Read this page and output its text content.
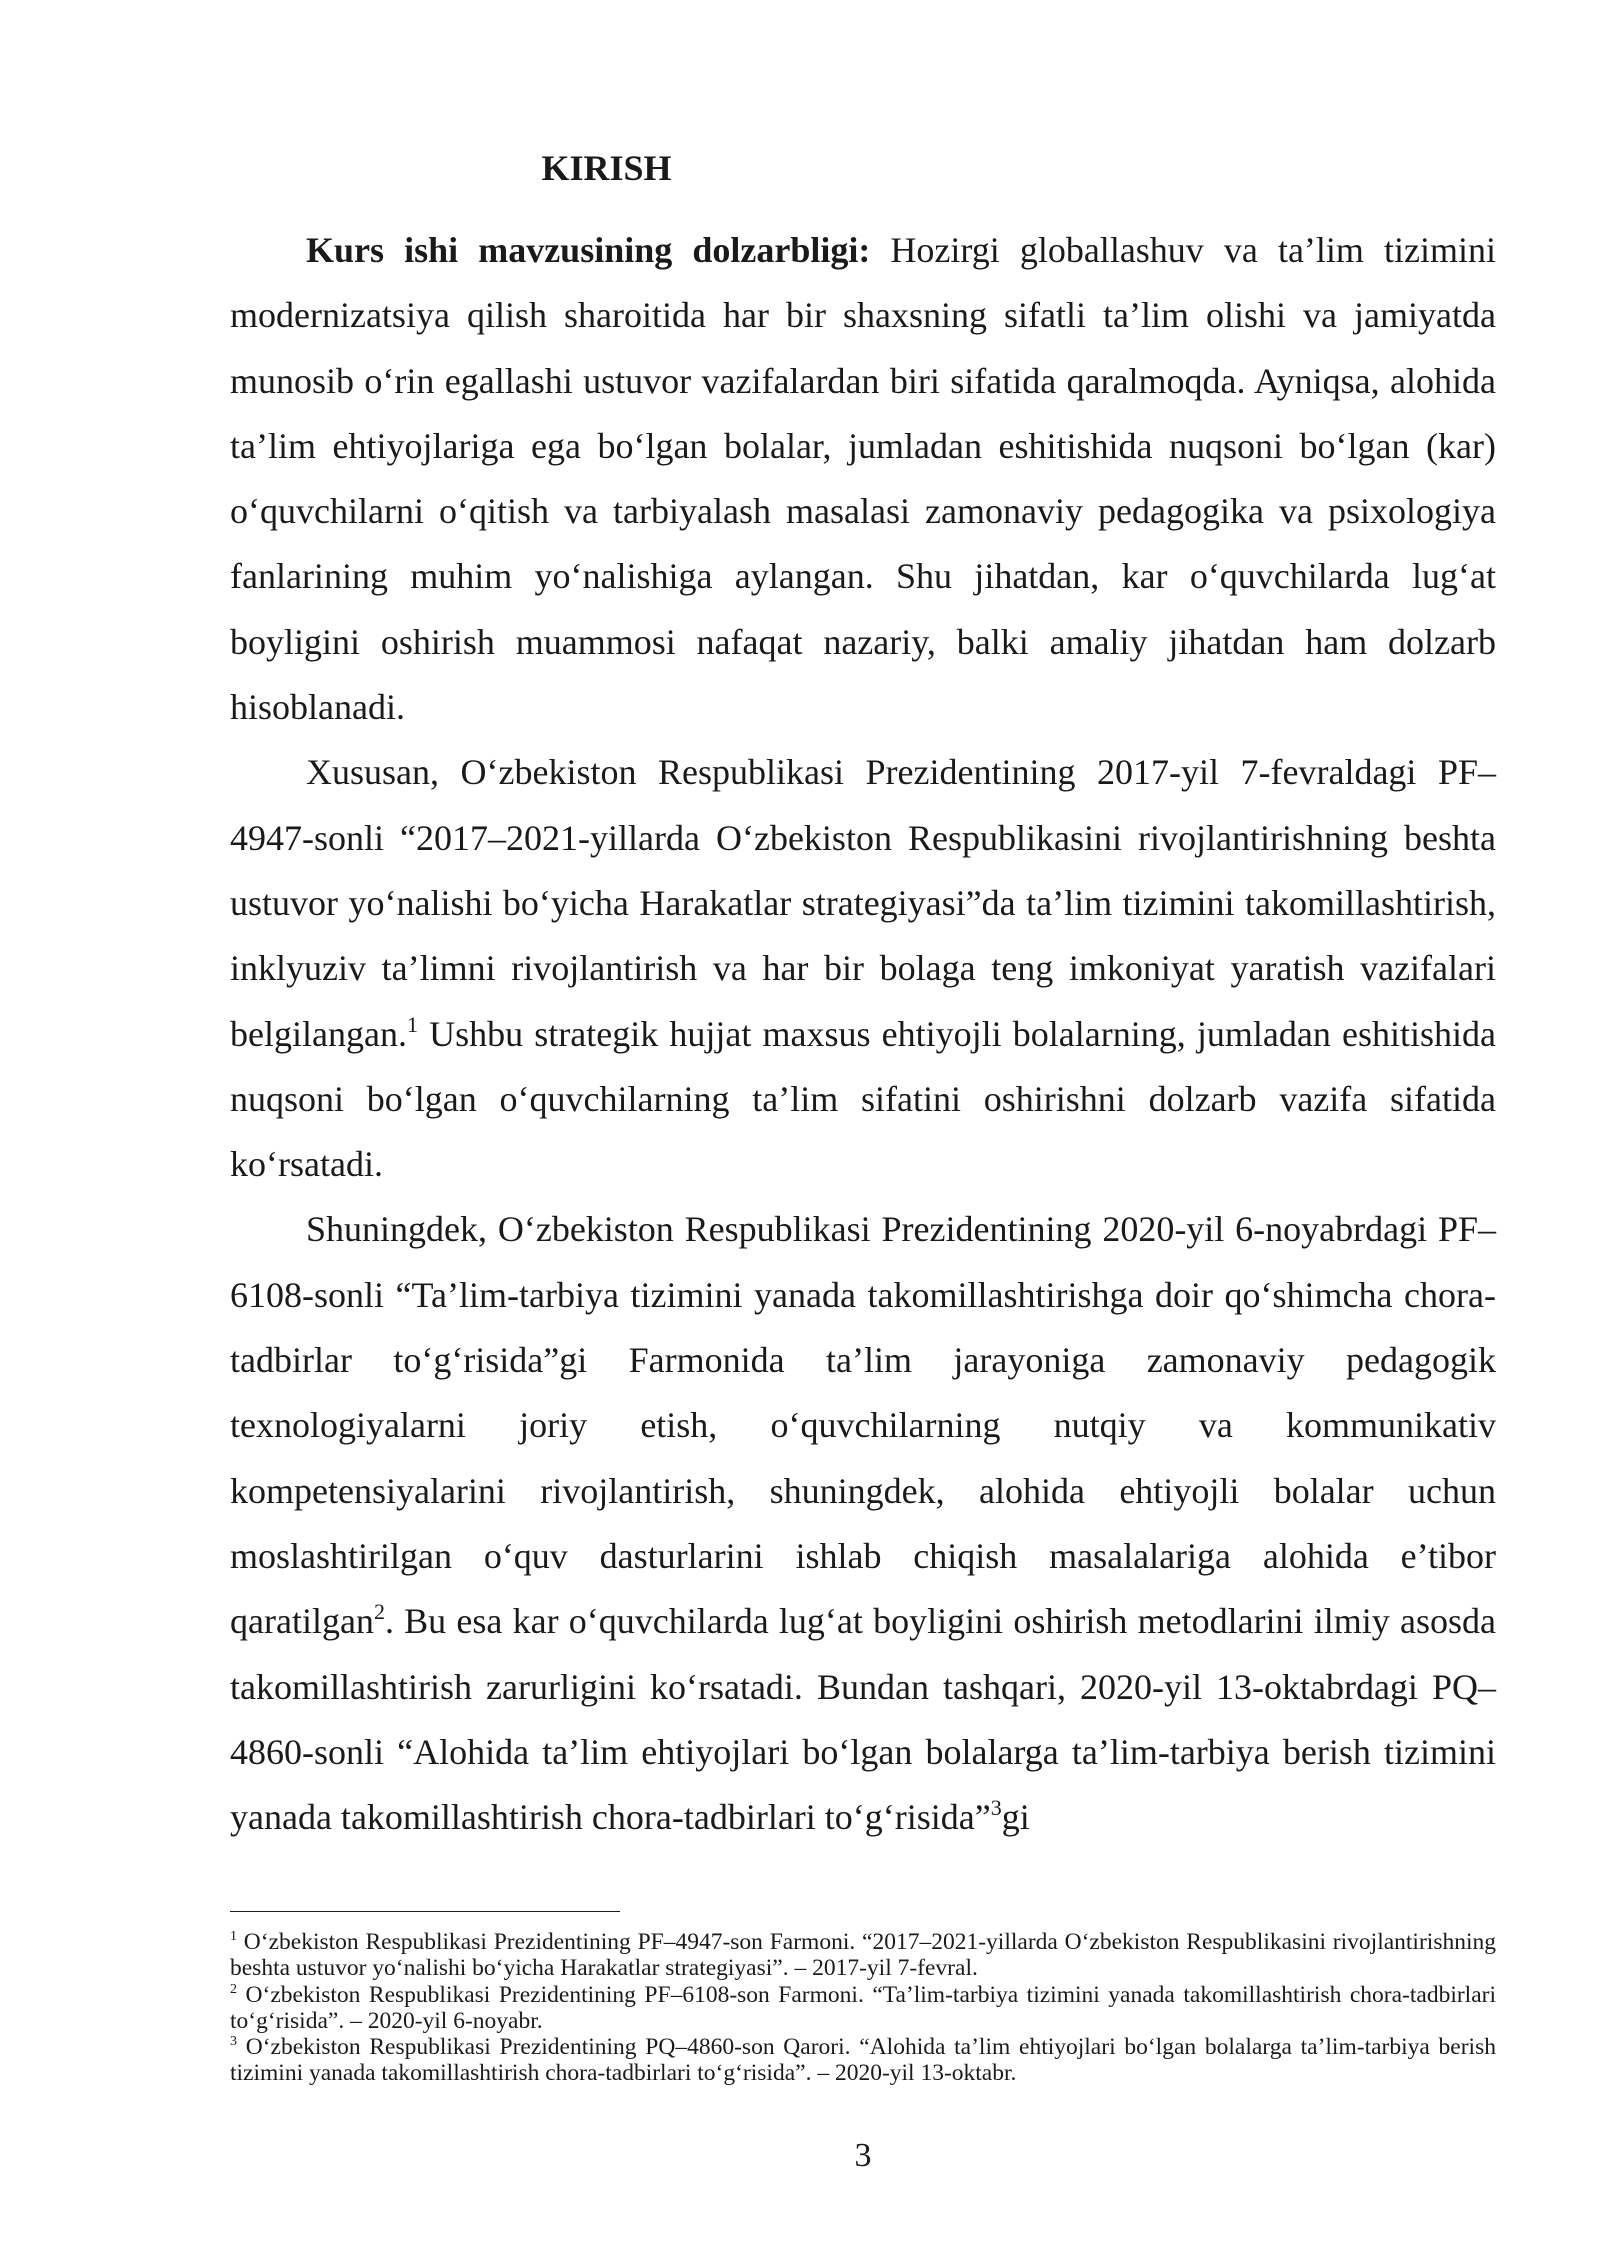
KIRISH

Kurs ishi mavzusining dolzarbligi: Hozirgi globallashuv va ta’lim tizimini modernizatsiya qilish sharoitida har bir shaxsning sifatli ta’lim olishi va jamiyatda munosib o‘rin egallashi ustuvor vazifalardan biri sifatida qaralmoqda. Ayniqsa, alohida ta’lim ehtiyojlariga ega bo‘lgan bolalar, jumladan eshitishida nuqsoni bo‘lgan (kar) o‘quvchilarni o‘qitish va tarbiyalash masalasi zamonaviy pedagogika va psixologiya fanlarining muhim yo‘nalishiga aylangan. Shu jihatdan, kar o‘quvchilarda lug‘at boyligini oshirish muammosi nafaqat nazariy, balki amaliy jihatdan ham dolzarb hisoblanadi.

Xususan, O‘zbekiston Respublikasi Prezidentining 2017-yil 7-fevraldagi PF–4947-sonli “2017–2021-yillarda O‘zbekiston Respublikasini rivojlantirishning beshta ustuvor yo‘nalishi bo‘yicha Harakatlar strategiyasi”da ta’lim tizimini takomillashtirish, inklyuziv ta’limni rivojlantirish va har bir bolaga teng imkoniyat yaratish vazifalari belgilangan.$^1$ Ushbu strategik hujjat maxsus ehtiyojli bolalarning, jumladan eshitishida nuqsoni bo‘lgan o‘quvchilarning ta’lim sifatini oshirishni dolzarb vazifa sifatida ko‘rsatadi.

Shuningdek, O‘zbekiston Respublikasi Prezidentining 2020-yil 6-noyabrdagi PF–6108-sonli “Ta’lim-tarbiya tizimini yanada takomillashtirishga doir qo‘shimcha chora-tadbirlar to‘g‘risida”gi Farmonida ta’lim jarayoniga zamonaviy pedagogik texnologiyalarni joriy etish, o‘quvchilarning nutqiy va kommunikativ kompetensiyalarini rivojlantirish, shuningdek, alohida ehtiyojli bolalar uchun moslashtirilgan o‘quv dasturlarini ishlab chiqish masalalariga alohida e’tibor qaratilgan$^2$. Bu esa kar o‘quvchilarda lug‘at boyligini oshirish metodlarini ilmiy asosda takomillashtirish zarurligini ko‘rsatadi. Bundan tashqari, 2020-yil 13-oktabrdagi PQ–4860-sonli “Alohida ta’lim ehtiyojlari bo‘lgan bolalarga ta’lim-tarbiya berish tizimini yanada takomillashtirish chora-tadbirlari to‘g‘risida”$^3$gi

$^1$ O‘zbekiston Respublikasi Prezidentining PF–4947-son Farmoni. “2017–2021-yillarda O‘zbekiston Respublikasini rivojlantirishning beshta ustuvor yo‘nalishi bo‘yicha Harakatlar strategiyasi”. – 2017-yil 7-fevral.

$^2$ O‘zbekiston Respublikasi Prezidentining PF–6108-son Farmoni. “Ta’lim-tarbiya tizimini yanada takomillashtirish chora-tadbirlari to‘g‘risida”. – 2020-yil 6-noyabr.

$^3$ O‘zbekiston Respublikasi Prezidentining PQ–4860-son Qarori. “Alohida ta’lim ehtiyojlari bo‘lgan bolalarga ta’lim-tarbiya berish tizimini yanada takomillashtirish chora-tadbirlari to‘g‘risida”. – 2020-yil 13-oktabr.

3
